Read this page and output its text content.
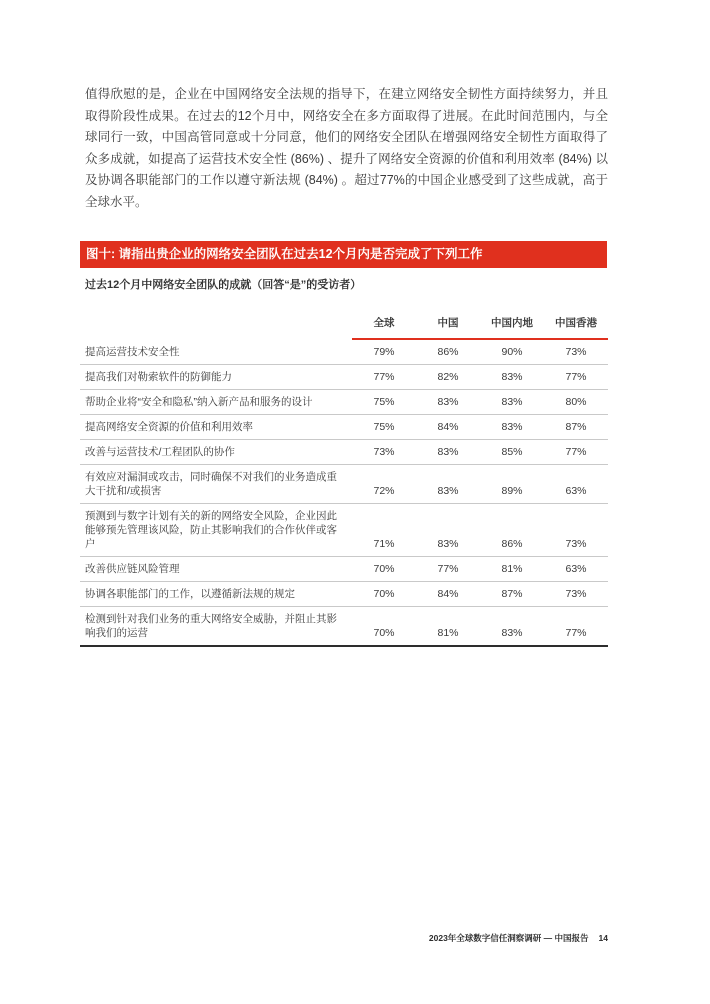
值得欣慰的是，企业在中国网络安全法规的指导下，在建立网络安全韧性方面持续努力，并且取得阶段性成果。在过去的12个月中，网络安全在多方面取得了进展。在此时间范围内，与全球同行一致，中国高管同意或十分同意，他们的网络安全团队在增强网络安全韧性方面取得了众多成就，如提高了运营技术安全性 (86%) 、提升了网络安全资源的价值和利用效率 (84%) 以及协调各职能部门的工作以遵守新法规 (84%) 。超过77%的中国企业感受到了这些成就，高于全球水平。

图十: 请指出贵企业的网络安全团队在过去12个月内是否完成了下列工作
过去12个月中网络安全团队的成就（回答“是”的受访者）
	全球	中国	中国内地	中国香港
提高运营技术安全性	79%	86%	90%	73%
提高我们对勒索软件的防御能力	77%	82%	83%	77%
帮助企业将“安全和隐私”纳入新产品和服务的设计	75%	83%	83%	80%
提高网络安全资源的价值和利用效率	75%	84%	83%	87%
改善与运营技术/工程团队的协作	73%	83%	85%	77%
有效应对漏洞或攻击，同时确保不对我们的业务造成重大干扰和/或损害	72%	83%	89%	63%
预测到与数字计划有关的新的网络安全风险，企业因此能够预先管理该风险，防止其影响我们的合作伙伴或客户	71%	83%	86%	73%
改善供应链风险管理	70%	77%	81%	63%
协调各职能部门的工作，以遵循新法规的规定	70%	84%	87%	73%
检测到针对我们业务的重大网络安全威胁，并阻止其影响我们的运营	70%	81%	83%	77%
2023年全球数字信任洞察调研 — 中国报告 14
